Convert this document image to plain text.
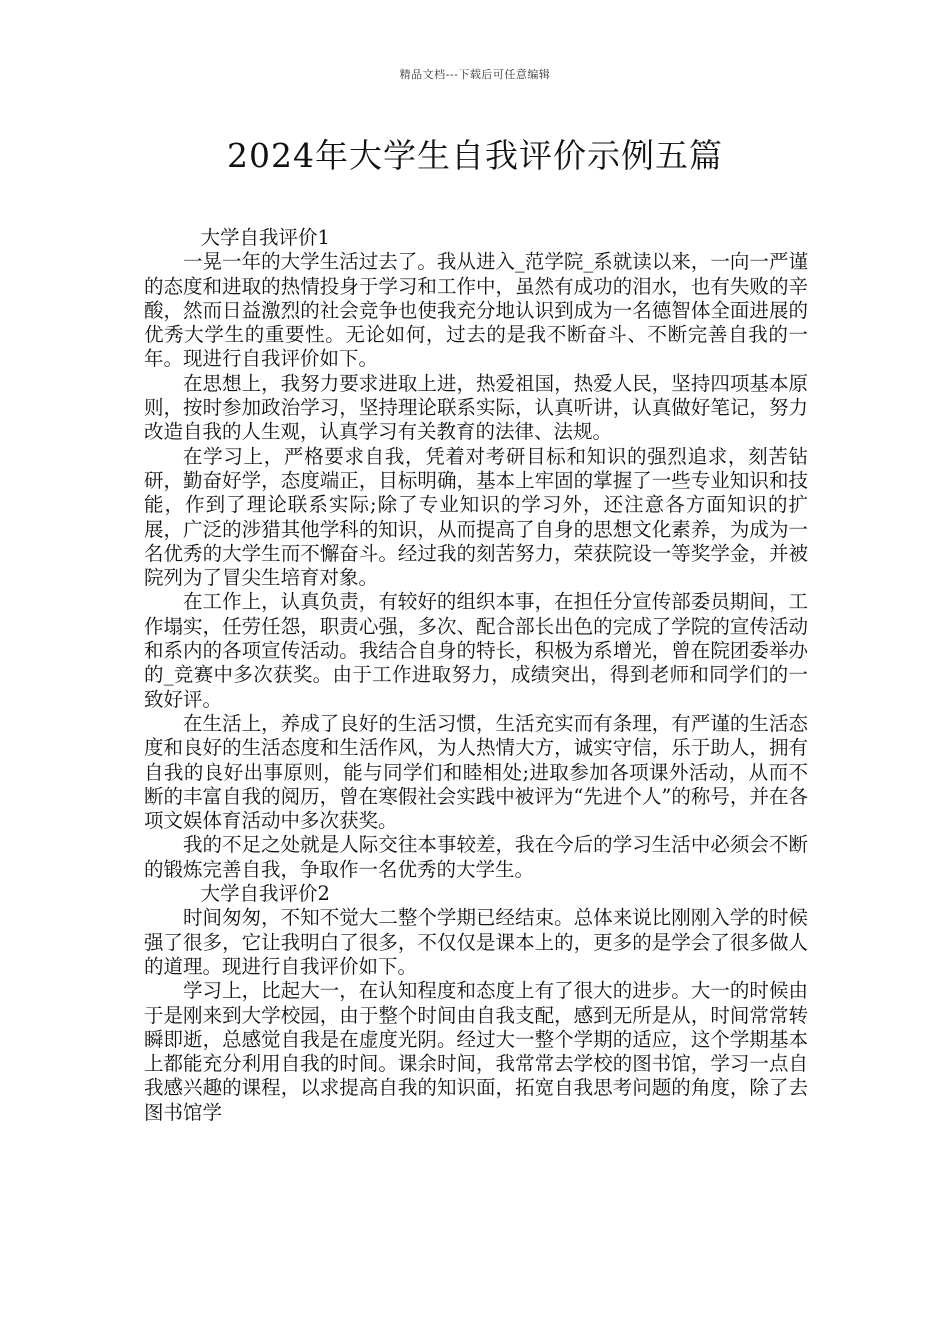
精品文档---下载后可任意编辑
2024年大学生自我评价示例五篇

大学自我评价1

一晃一年的大学生活过去了。我从进入_范学院_系就读以来，一向一严谨的态度和进取的热情投身于学习和工作中，虽然有成功的泪水，也有失败的辛酸，然而日益激烈的社会竞争也使我充分地认识到成为一名德智体全面进展的优秀大学生的重要性。无论如何，过去的是我不断奋斗、不断完善自我的一年。现进行自我评价如下。

在思想上，我努力要求进取上进，热爱祖国，热爱人民，坚持四项基本原则，按时参加政治学习，坚持理论联系实际，认真听讲，认真做好笔记，努力改造自我的人生观，认真学习有关教育的法律、法规。

在学习上，严格要求自我，凭着对考研目标和知识的强烈追求，刻苦钻研，勤奋好学，态度端正，目标明确，基本上牢固的掌握了一些专业知识和技能，作到了理论联系实际;除了专业知识的学习外，还注意各方面知识的扩展，广泛的涉猎其他学科的知识，从而提高了自身的思想文化素养，为成为一名优秀的大学生而不懈奋斗。经过我的刻苦努力，荣获院设一等奖学金，并被院列为了冒尖生培育对象。

在工作上，认真负责，有较好的组织本事，在担任分宣传部委员期间，工作塌实，任劳任怨，职责心强，多次、配合部长出色的完成了学院的宣传活动和系内的各项宣传活动。我结合自身的特长，积极为系增光，曾在院团委举办的_竞赛中多次获奖。由于工作进取努力，成绩突出，得到老师和同学们的一致好评。

在生活上，养成了良好的生活习惯，生活充实而有条理，有严谨的生活态度和良好的生活态度和生活作风，为人热情大方，诚实守信，乐于助人，拥有自我的良好出事原则，能与同学们和睦相处;进取参加各项课外活动，从而不断的丰富自我的阅历，曾在寒假社会实践中被评为“先进个人”的称号，并在各项文娱体育活动中多次获奖。

我的不足之处就是人际交往本事较差，我在今后的学习生活中必须会不断的锻炼完善自我，争取作一名优秀的大学生。

大学自我评价2

时间匆匆，不知不觉大二整个学期已经结束。总体来说比刚刚入学的时候强了很多，它让我明白了很多，不仅仅是课本上的，更多的是学会了很多做人的道理。现进行自我评价如下。

学习上，比起大一，在认知程度和态度上有了很大的进步。大一的时候由于是刚来到大学校园，由于整个时间由自我支配，感到无所是从，时间常常转瞬即逝，总感觉自我是在虚度光阴。经过大一整个学期的适应，这个学期基本上都能充分利用自我的时间。课余时间，我常常去学校的图书馆，学习一点自我感兴趣的课程，以求提高自我的知识面，拓宽自我思考问题的角度，除了去图书馆学
